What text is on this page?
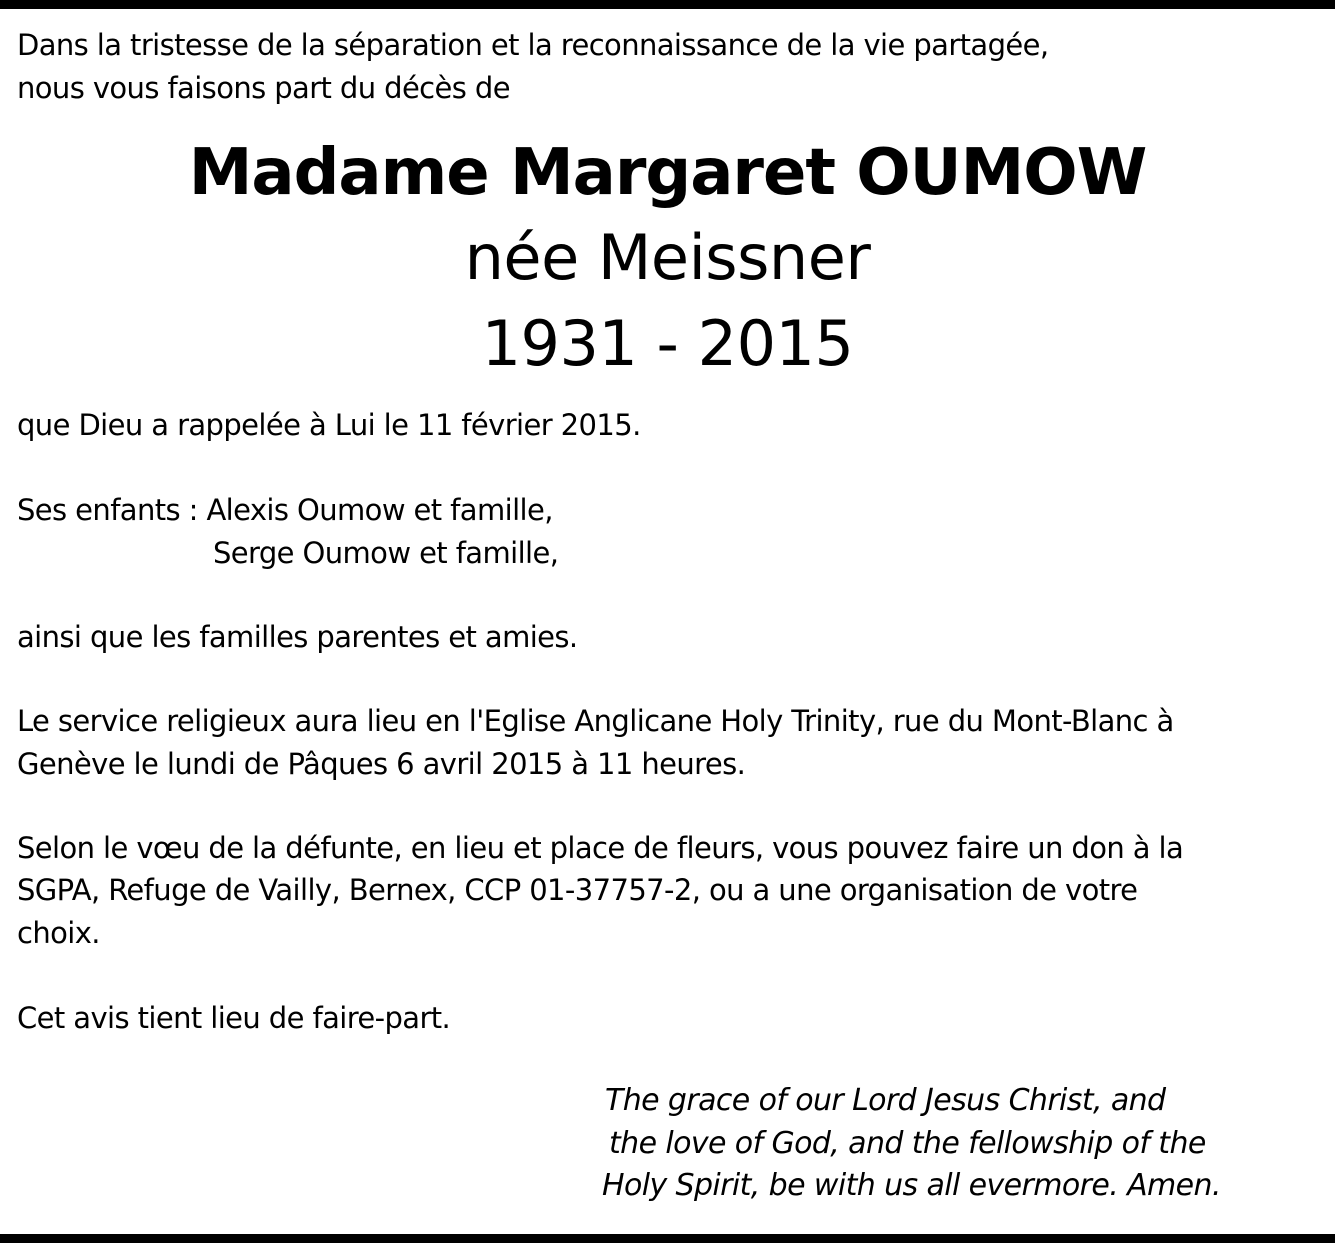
Dans la tristesse de la séparation et la reconnaissance de la vie partagée,
nous vous faisons part du décès de
Madame Margaret OUMOW
née Meissner
1931 - 2015
que Dieu a rappelée à Lui le 11 février 2015.
Ses enfants : Alexis Oumow et famille,
Serge Oumow et famille,
ainsi que les familles parentes et amies.
Le service religieux aura lieu en l'Eglise Anglicane Holy Trinity, rue du Mont-Blanc à
Genève le lundi de Pâques 6 avril 2015 à 11 heures.
Selon le vœu de la défunte, en lieu et place de fleurs, vous pouvez faire un don à la
SGPA, Refuge de Vailly, Bernex, CCP 01-37757-2, ou a une organisation de votre
choix.
Cet avis tient lieu de faire-part.
The grace of our Lord Jesus Christ, and
the love of God, and the fellowship of the
Holy Spirit, be with us all evermore. Amen.
